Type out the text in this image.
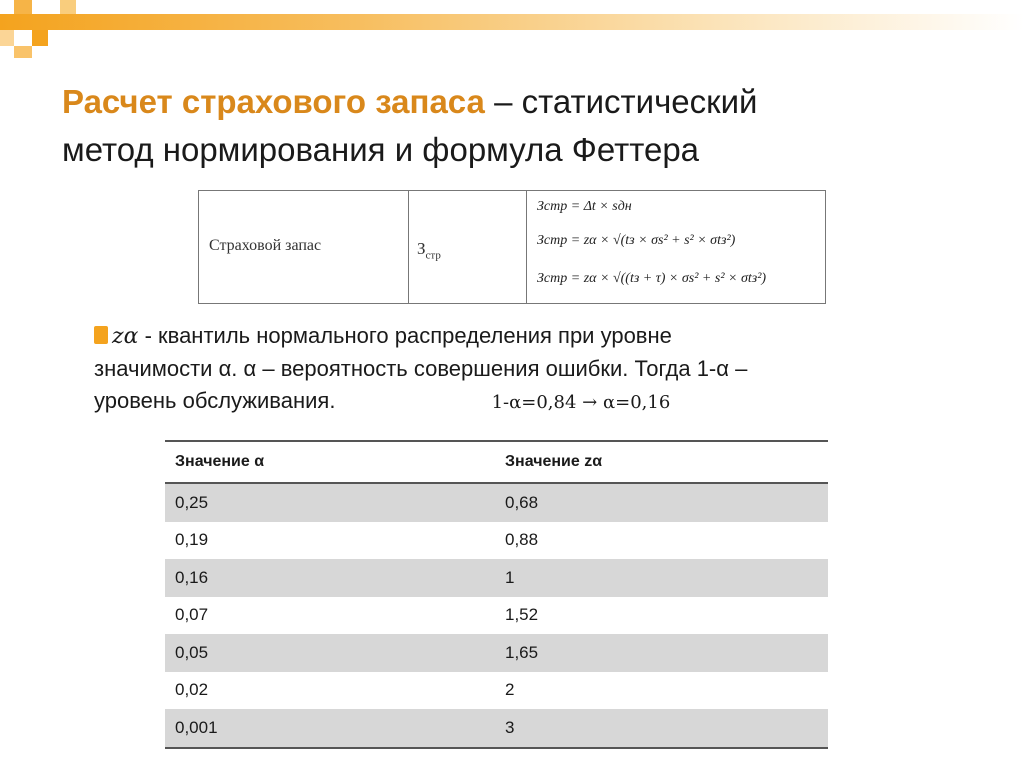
Расчет страхового запаса – статистический
метод нормирования и формула Феттера
Страховой запас	$З_{стр}$
Зстр = Δt × sдн
Зстр = zα × √(tз × σs² + s² × σtз²)
Зстр = zα × √((tз + τ) × σs² + s² × σtз²)
zα - квантиль нормального распределения при уровне
значимости α. α – вероятность совершения ошибки. Тогда 1-α –
уровень обслуживания.	1-α=0,84 → α=0,16
Значение α	Значение zα
0,25	0,68
0,19	0,88
0,16	1
0,07	1,52
0,05	1,65
0,02	2
0,001	3
